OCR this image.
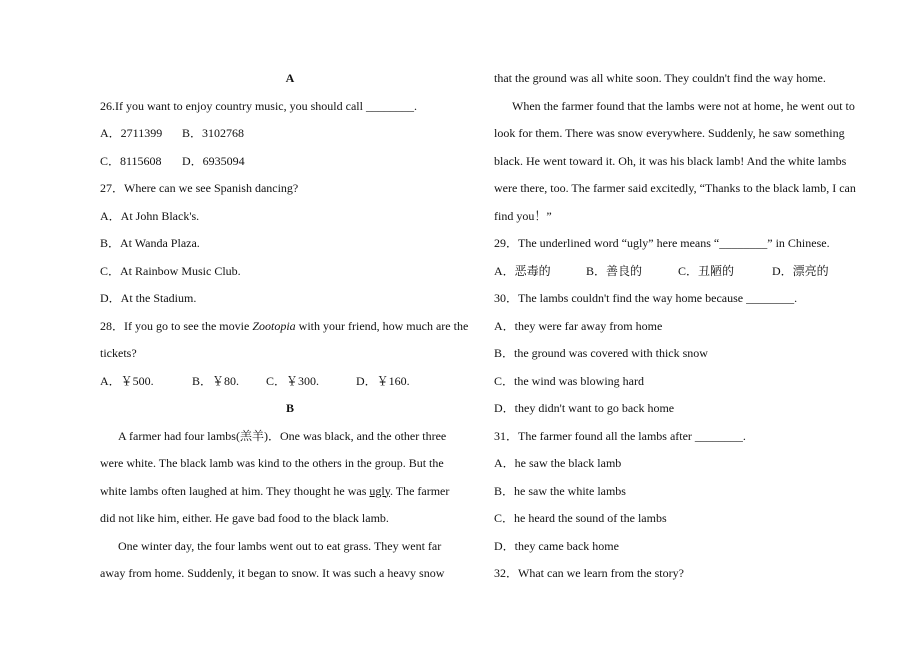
A
26.If you want to enjoy country music, you should call ________.
A．2711399 B．3102768
C．8115608 D．6935094
27．Where can we see Spanish dancing?
A．At John Black's.
B．At Wanda Plaza.
C．At Rainbow Music Club.
D．At the Stadium.
28．If you go to see the movie Zootopia with your friend, how much are the
tickets?
A．￥500.	B．￥80. C．￥300.	D．￥160.
B
A farmer had four lambs(羔羊)．One was black, and the other three
were white. The black lamb was kind to the others in the group. But the
white lambs often laughed at him. They thought he was ugly. The farmer
did not like him, either. He gave bad food to the black lamb.
One winter day, the four lambs went out to eat grass. They went far
away from home. Suddenly, it began to snow. It was such a heavy snow
that the ground was all white soon. They couldn't find the way home.
When the farmer found that the lambs were not at home, he went out to
look for them. There was snow everywhere. Suddenly, he saw something
black. He went toward it. Oh, it was his black lamb! And the white lambs
were there, too. The farmer said excitedly, “Thanks to the black lamb, I can
find you！”
29．The underlined word “ugly” here means “________” in Chinese.
A．恶毒的	B．善良的	C．丑陋的	D．漂亮的
30．The lambs couldn't find the way home because ________.
A．they were far away from home
B．the ground was covered with thick snow
C．the wind was blowing hard
D．they didn't want to go back home
31．The farmer found all the lambs after ________.
A．he saw the black lamb
B．he saw the white lambs
C．he heard the sound of the lambs
D．they came back home
32．What can we learn from the story?
